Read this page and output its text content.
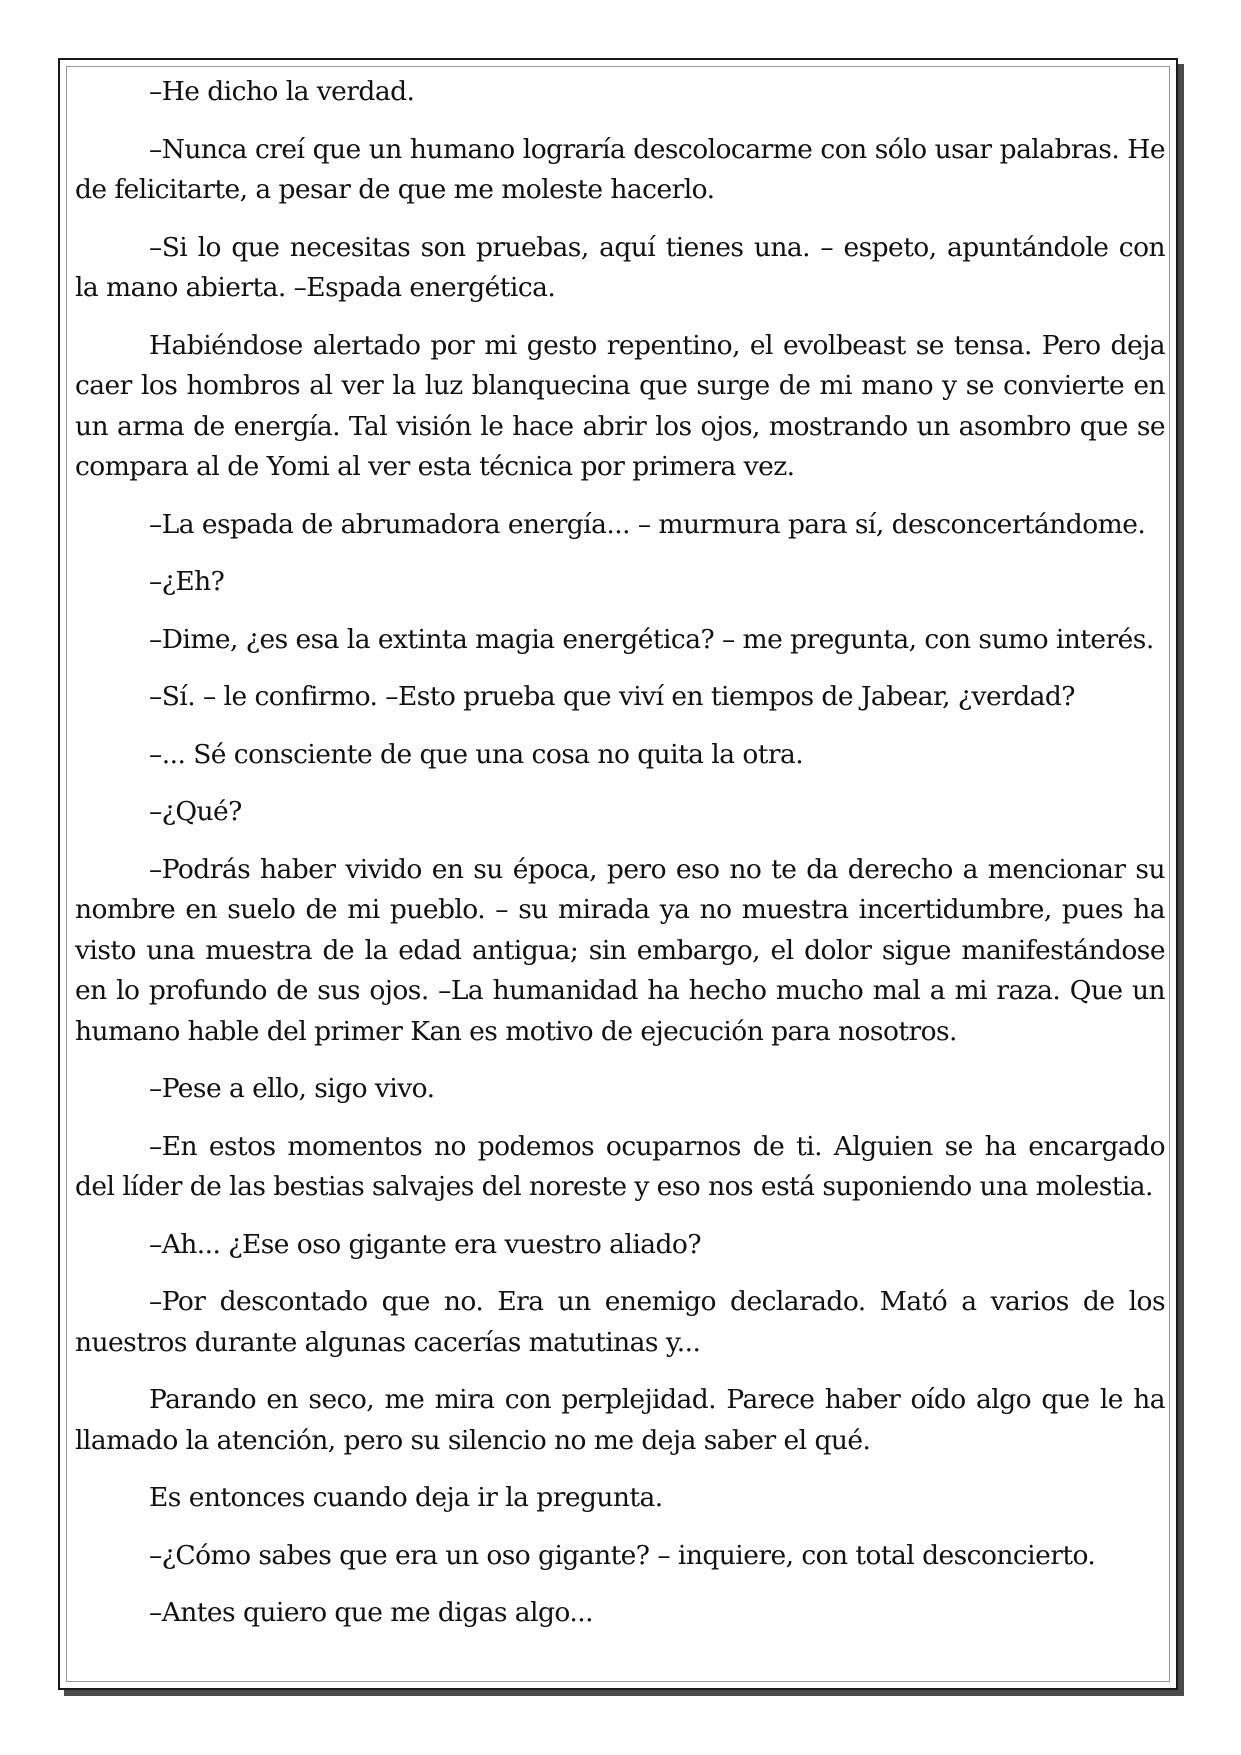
–He dicho la verdad.

–Nunca creí que un humano lograría descolocarme con sólo usar palabras. He de felicitarte, a pesar de que me moleste hacerlo.

–Si lo que necesitas son pruebas, aquí tienes una. – espeto, apuntándole con la mano abierta. –Espada energética.

Habiéndose alertado por mi gesto repentino, el evolbeast se tensa. Pero deja caer los hombros al ver la luz blanquecina que surge de mi mano y se convierte en un arma de energía. Tal visión le hace abrir los ojos, mostrando un asombro que se compara al de Yomi al ver esta técnica por primera vez.

–La espada de abrumadora energía... – murmura para sí, desconcertándome.

–¿Eh?

–Dime, ¿es esa la extinta magia energética? – me pregunta, con sumo interés.

–Sí. – le confirmo. –Esto prueba que viví en tiempos de Jabear, ¿verdad?

–... Sé consciente de que una cosa no quita la otra.

–¿Qué?

–Podrás haber vivido en su época, pero eso no te da derecho a mencionar su nombre en suelo de mi pueblo. – su mirada ya no muestra incertidumbre, pues ha visto una muestra de la edad antigua; sin embargo, el dolor sigue manifestándose en lo profundo de sus ojos. –La humanidad ha hecho mucho mal a mi raza. Que un humano hable del primer Kan es motivo de ejecución para nosotros.

–Pese a ello, sigo vivo.

–En estos momentos no podemos ocuparnos de ti. Alguien se ha encargado del líder de las bestias salvajes del noreste y eso nos está suponiendo una molestia.

–Ah... ¿Ese oso gigante era vuestro aliado?

–Por descontado que no. Era un enemigo declarado. Mató a varios de los nuestros durante algunas cacerías matutinas y...

Parando en seco, me mira con perplejidad. Parece haber oído algo que le ha llamado la atención, pero su silencio no me deja saber el qué.

Es entonces cuando deja ir la pregunta.

–¿Cómo sabes que era un oso gigante? – inquiere, con total desconcierto.

–Antes quiero que me digas algo...
